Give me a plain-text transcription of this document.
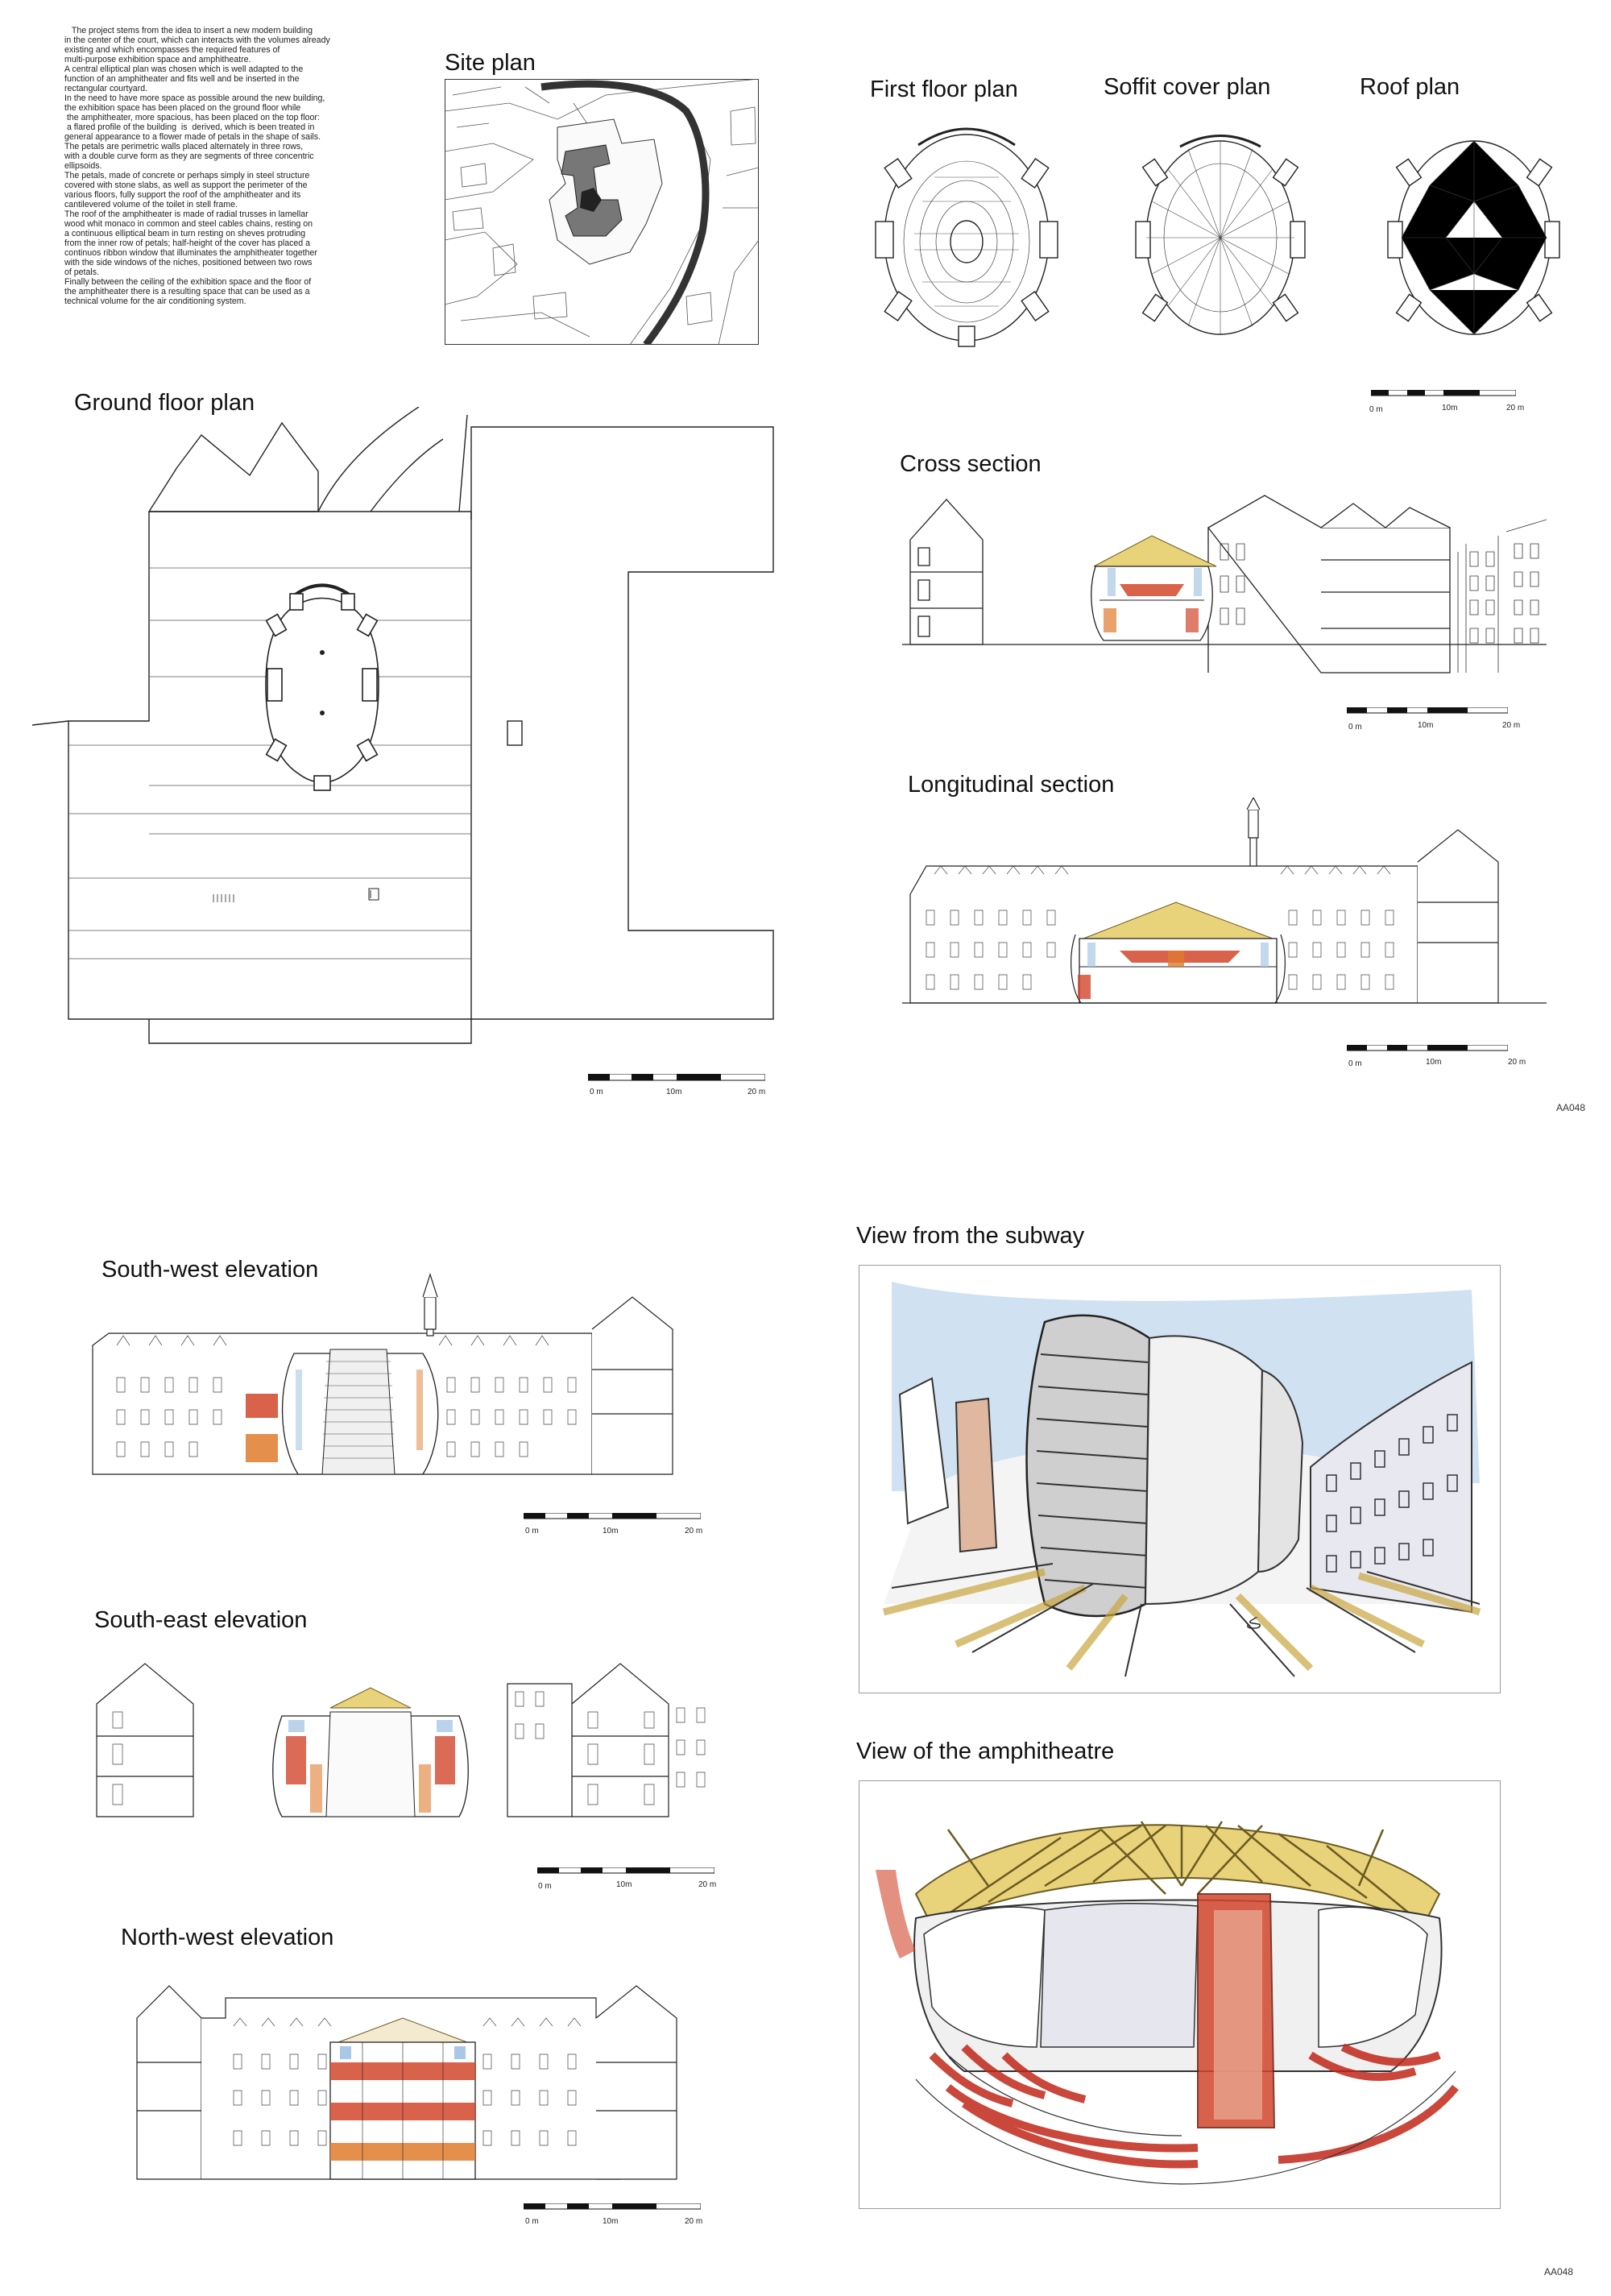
The project stems from the idea to insert a new modern building
in the center of the court, which can interacts with the volumes already
existing and which encompasses the required features of
multi-purpose exhibition space and amphitheatre.
A central elliptical plan was chosen which is well adapted to the
function of an amphitheater and fits well and be inserted in the
rectangular courtyard.
In the need to have more space as possible around the new building,
the exhibition space has been placed on the ground floor while
the amphitheater, more spacious, has been placed on the top floor:
a flared profile of the building  is  derived, which is been treated in
general appearance to a flower made of petals in the shape of sails.
The petals are perimetric walls placed alternately in three rows,
with a double curve form as they are segments of three concentric
ellipsoids.
The petals, made of concrete or perhaps simply in steel structure
covered with stone slabs, as well as support the perimeter of the
various floors, fully support the roof of the amphitheater and its
cantilevered volume of the toilet in stell frame.
The roof of the amphitheater is made of radial trusses in lamellar
wood whit monaco in common and steel cables chains, resting on
a continuous elliptical beam in turn resting on sheves protruding
from the inner row of petals; half-height of the cover has placed a
continuos ribbon window that illuminates the amphitheater together
with the side windows of the niches, positioned between two rows
of petals.
Finally between the ceiling of the exhibition space and the floor of
the amphitheater there is a resulting space that can be used as a
technical volume for the air conditioning system.
Site plan
First floor plan	Soffit cover plan	Roof plan
0 m	10m	20 m
Ground floor plan
0 m	10m	20 m
Cross section
0 m	10m	20 m
Longitudinal section
0 m	10m	20 m
AA048
South-west elevation
0 m	10m	20 m
South-east elevation
0 m	10m	20 m
North-west elevation
0 m	10m	20 m
View from the subway
ڪ
View of the amphitheatre
AA048
